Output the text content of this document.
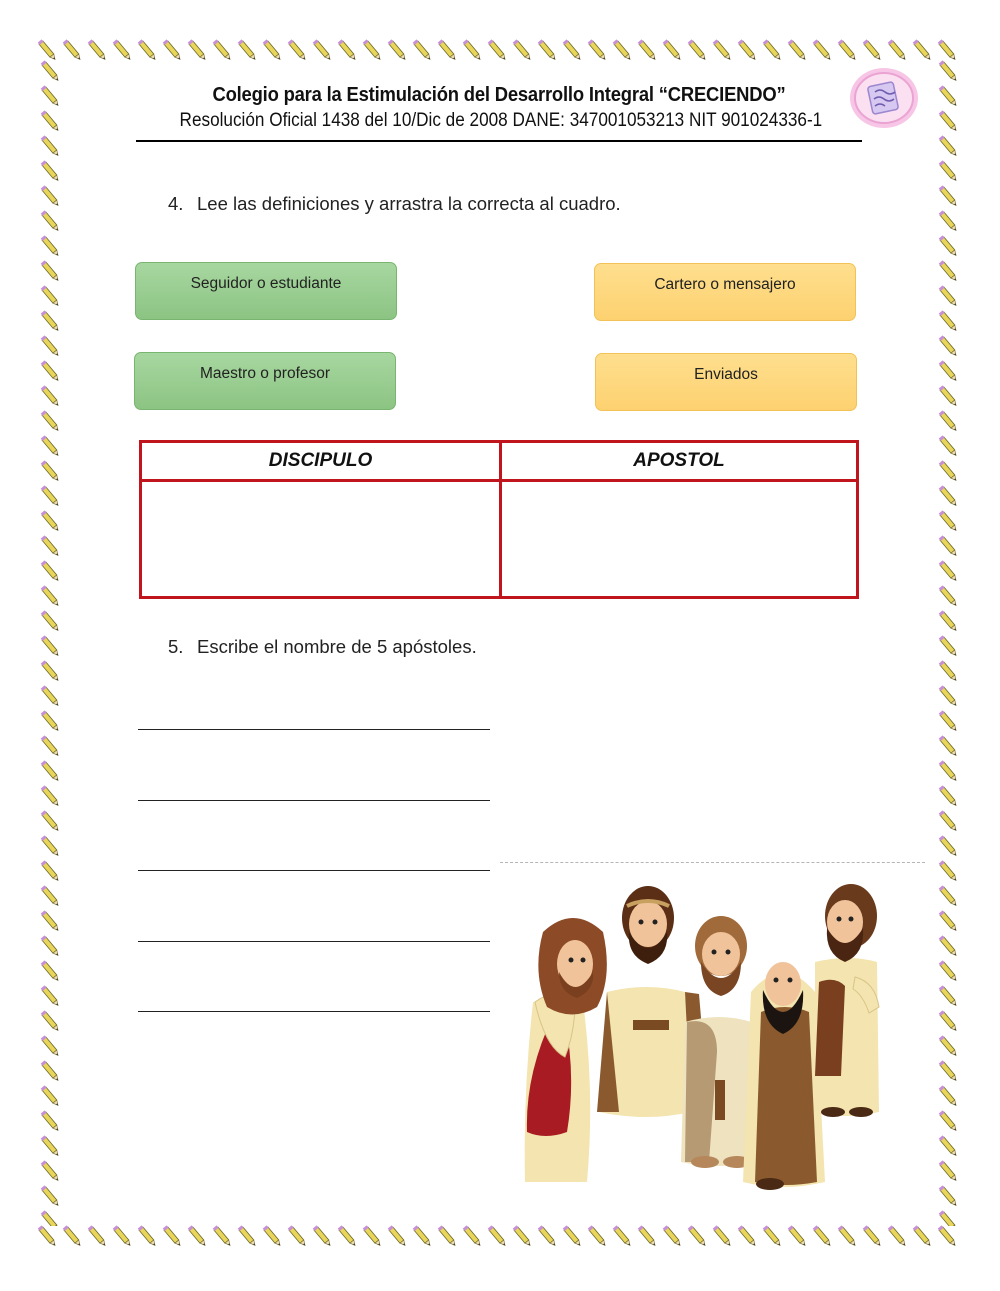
Colegio para la Estimulación del Desarrollo Integral “CRECIENDO”
Resolución Oficial 1438 del 10/Dic de 2008 DANE: 347001053213 NIT 901024336-1
4. Lee las definiciones y arrastra la correcta al cuadro.
Seguidor o estudiante	Cartero o mensajero
Maestro o profesor	Enviados
DISCIPULO	APOSTOL
5. Escribe el nombre de 5 apóstoles.
